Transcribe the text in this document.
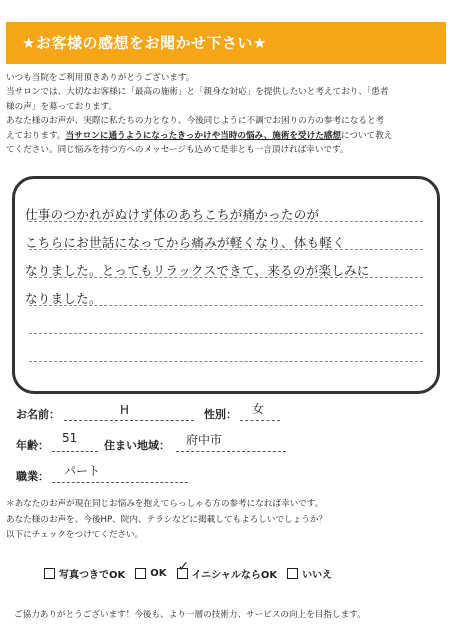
★お客様の感想をお聞かせ下さい★

いつも当院をご利用頂きありがとうございます。

当サロンでは、大切なお客様に「最高の施術」と「親身な対応」を提供したいと考えており、「患者

様の声」を募っております。

あなた様のお声が、実際に私たちの力となり、今後同じように不調でお困りの方の参考になると考

えております。当サロンに通うようになったきっかけや当時の悩み、施術を受けた感想について教え

てください。同じ悩みを持つ方へのメッセージも込めて是非とも一言頂ければ幸いです。

仕事のつかれがぬけず体のあちこちが痛かったのが
こちらにお世話になってから痛みが軽くなり、体も軽く
なりました。とってもリラックスできて、来るのが楽しみに
なりました。
お名前：	H	性別： 女
年齢：
51
住まい地域： 府中市
職業： パート

＊あなたのお声が現在同じお悩みを抱えてらっしゃる方の参考になれば幸いです。

あなた様のお声を、今後HP、院内、テラシなどに掲載してもよろしいでしょうか？

以下にチェックをつけてください。

写真つきでOK	OK ✓
イニシャルならOK	いいえ
ご協力ありがとうございます！今後も、より一層の技術力、サービスの向上を目指します。
